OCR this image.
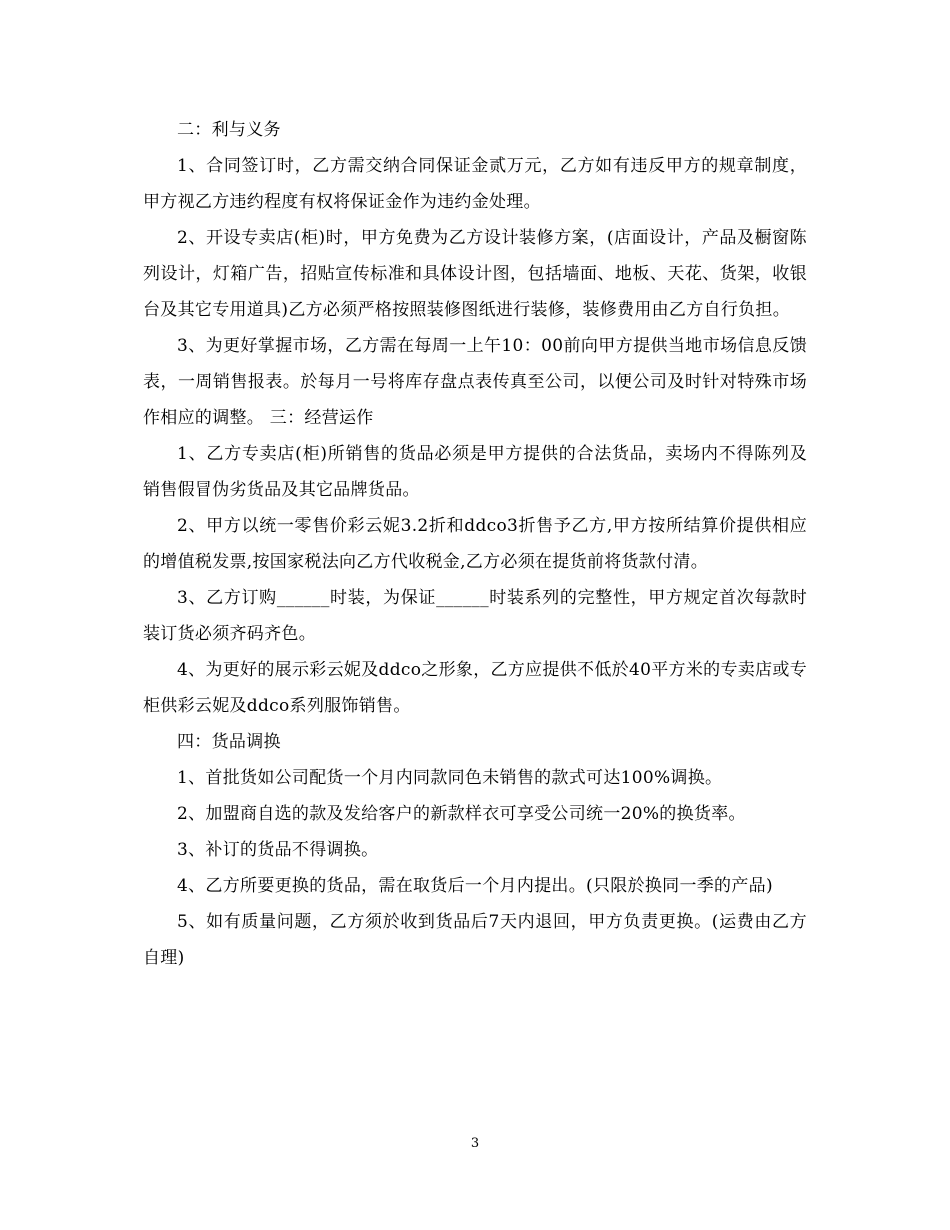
二：利与义务

1、合同签订时，乙方需交纳合同保证金贰万元，乙方如有违反甲方的规章制度，甲方视乙方违约程度有权将保证金作为违约金处理。

2、开设专卖店(柜)时，甲方免费为乙方设计装修方案，(店面设计，产品及橱窗陈列设计，灯箱广告，招贴宣传标准和具体设计图，包括墙面、地板、天花、货架，收银台及其它专用道具)乙方必须严格按照装修图纸进行装修，装修费用由乙方自行负担。

3、为更好掌握市场，乙方需在每周一上午10：00前向甲方提供当地市场信息反馈表，一周销售报表。於每月一号将库存盘点表传真至公司，以便公司及时针对特殊市场作相应的调整。 三：经营运作

1、乙方专卖店(柜)所销售的货品必须是甲方提供的合法货品，卖场内不得陈列及销售假冒伪劣货品及其它品牌货品。

2、甲方以统一零售价彩云妮3.2折和ddco3折售予乙方,甲方按所结算价提供相应的增值税发票,按国家税法向乙方代收税金,乙方必须在提货前将货款付清。

3、乙方订购______时装，为保证______时装系列的完整性，甲方规定首次每款时装订货必须齐码齐色。

4、为更好的展示彩云妮及ddco之形象，乙方应提供不低於40平方米的专卖店或专柜供彩云妮及ddco系列服饰销售。

四：货品调换

1、首批货如公司配货一个月内同款同色未销售的款式可达100%调换。

2、加盟商自选的款及发给客户的新款样衣可享受公司统一20%的换货率。

3、补订的货品不得调换。

4、乙方所要更换的货品，需在取货后一个月内提出。(只限於换同一季的产品)

5、如有质量问题，乙方须於收到货品后7天内退回，甲方负责更换。(运费由乙方自理)

3
